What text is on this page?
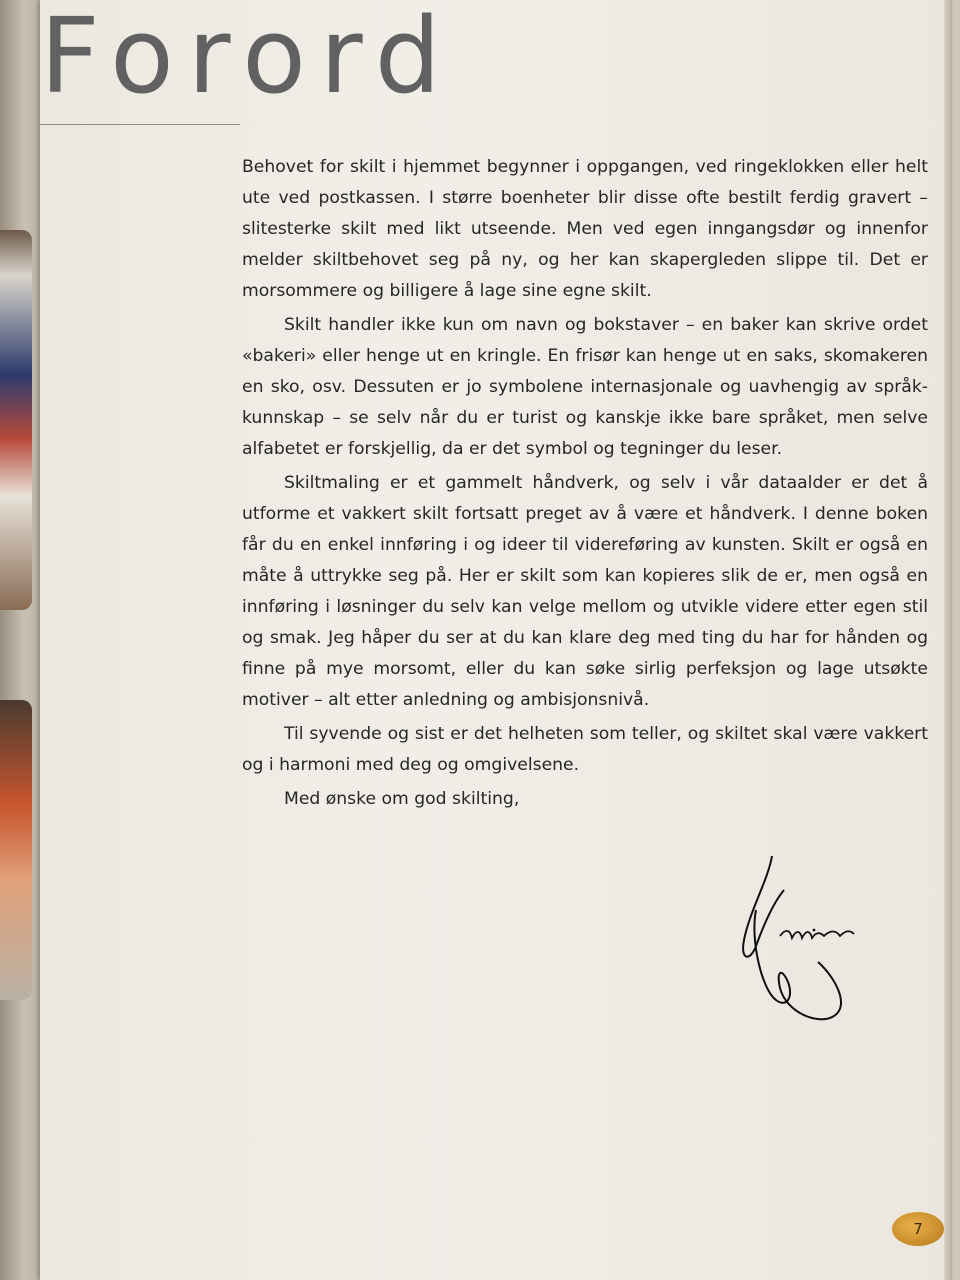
Forord

Behovet for skilt i hjemmet begynner i oppgangen, ved ringeklokken eller helt ute ved postkassen. I større boenheter blir disse ofte bestilt ferdig gravert – slitesterke skilt med likt utseende. Men ved egen inngangsdør og innenfor melder skiltbehovet seg på ny, og her kan skapergleden slippe til. Det er morsommere og billigere å lage sine egne skilt.

Skilt handler ikke kun om navn og bokstaver – en baker kan skrive ordet «bakeri» eller henge ut en kringle. En frisør kan henge ut en saks, skomakeren en sko, osv. Dessuten er jo symbolene internasjonale og uavhengig av språk-kunnskap – se selv når du er turist og kanskje ikke bare språket, men selve alfabetet er forskjellig, da er det symbol og tegninger du leser.

Skiltmaling er et gammelt håndverk, og selv i vår dataalder er det å utforme et vakkert skilt fortsatt preget av å være et håndverk. I denne boken får du en enkel innføring i og ideer til videreføring av kunsten. Skilt er også en måte å uttrykke seg på. Her er skilt som kan kopieres slik de er, men også en innføring i løsninger du selv kan velge mellom og utvikle videre etter egen stil og smak. Jeg håper du ser at du kan klare deg med ting du har for hånden og finne på mye morsomt, eller du kan søke sirlig perfeksjon og lage utsøkte motiver – alt etter anledning og ambisjonsnivå.

Til syvende og sist er det helheten som teller, og skiltet skal være vakkert og i harmoni med deg og omgivelsene.

Med ønske om god skilting,

7
